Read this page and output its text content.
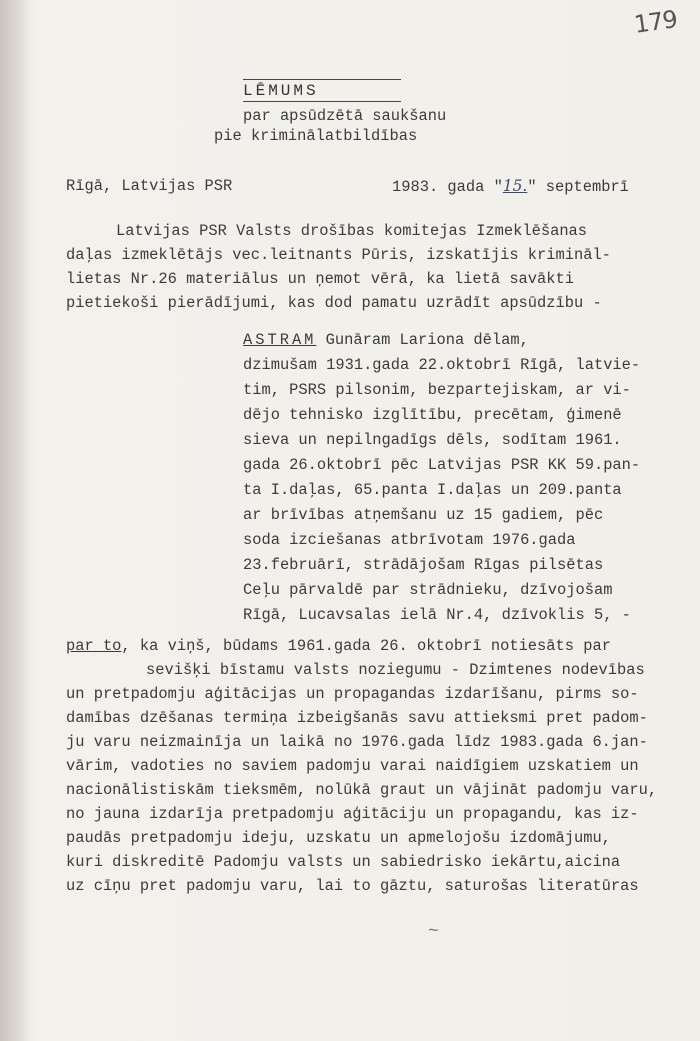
179
LĒMUMS
par apsūdzētā saukšanu
pie kriminālatbildības
Rīgā, Latvijas PSR	1983. gada "15." septembrī
Latvijas PSR Valsts drošības komitejas Izmeklēšanas
daļas izmeklētājs vec.leitnants Pūris, izskatījis krimināl-
lietas Nr.26 materiālus un ņemot vērā, ka lietā savākti
pietiekoši pierādījumi, kas dod pamatu uzrādīt apsūdzību -
ASTRAM Gunāram Lariona dēlam,
dzimušam 1931.gada 22.oktobrī Rīgā, latvie-
tim, PSRS pilsonim, bezpartejiskam, ar vi-
dējo tehnisko izglītību, precētam, ģimenē
sieva un nepilngadīgs dēls, sodītam 1961.
gada 26.oktobrī pēc Latvijas PSR KK 59.pan-
ta I.daļas, 65.panta I.daļas un 209.panta
ar brīvības atņemšanu uz 15 gadiem, pēc
soda izciešanas atbrīvotam 1976.gada
23.februārī, strādājošam Rīgas pilsētas
Ceļu pārvaldē par strādnieku, dzīvojošam
Rīgā, Lucavsalas ielā Nr.4, dzīvoklis 5, -
par to, ka viņš, būdams 1961.gada 26. oktobrī notiesāts par
sevišķi bīstamu valsts noziegumu - Dzimtenes nodevības
un pretpadomju aģitācijas un propagandas izdarīšanu, pirms so-
damības dzēšanas termiņa izbeigšanās savu attieksmi pret padom-
ju varu neizmainīja un laikā no 1976.gada līdz 1983.gada 6.jan-
vārim, vadoties no saviem padomju varai naidīgiem uzskatiem un
nacionālistiskām tieksmēm, nolūkā graut un vājināt padomju varu,
no jauna izdarīja pretpadomju aģitāciju un propagandu, kas iz-
paudās pretpadomju ideju, uzskatu un apmelojošu izdomājumu,
kuri diskreditē Padomju valsts un sabiedrisko iekārtu,aicina
uz cīņu pret padomju varu, lai to gāztu, saturošas literatūras
~
